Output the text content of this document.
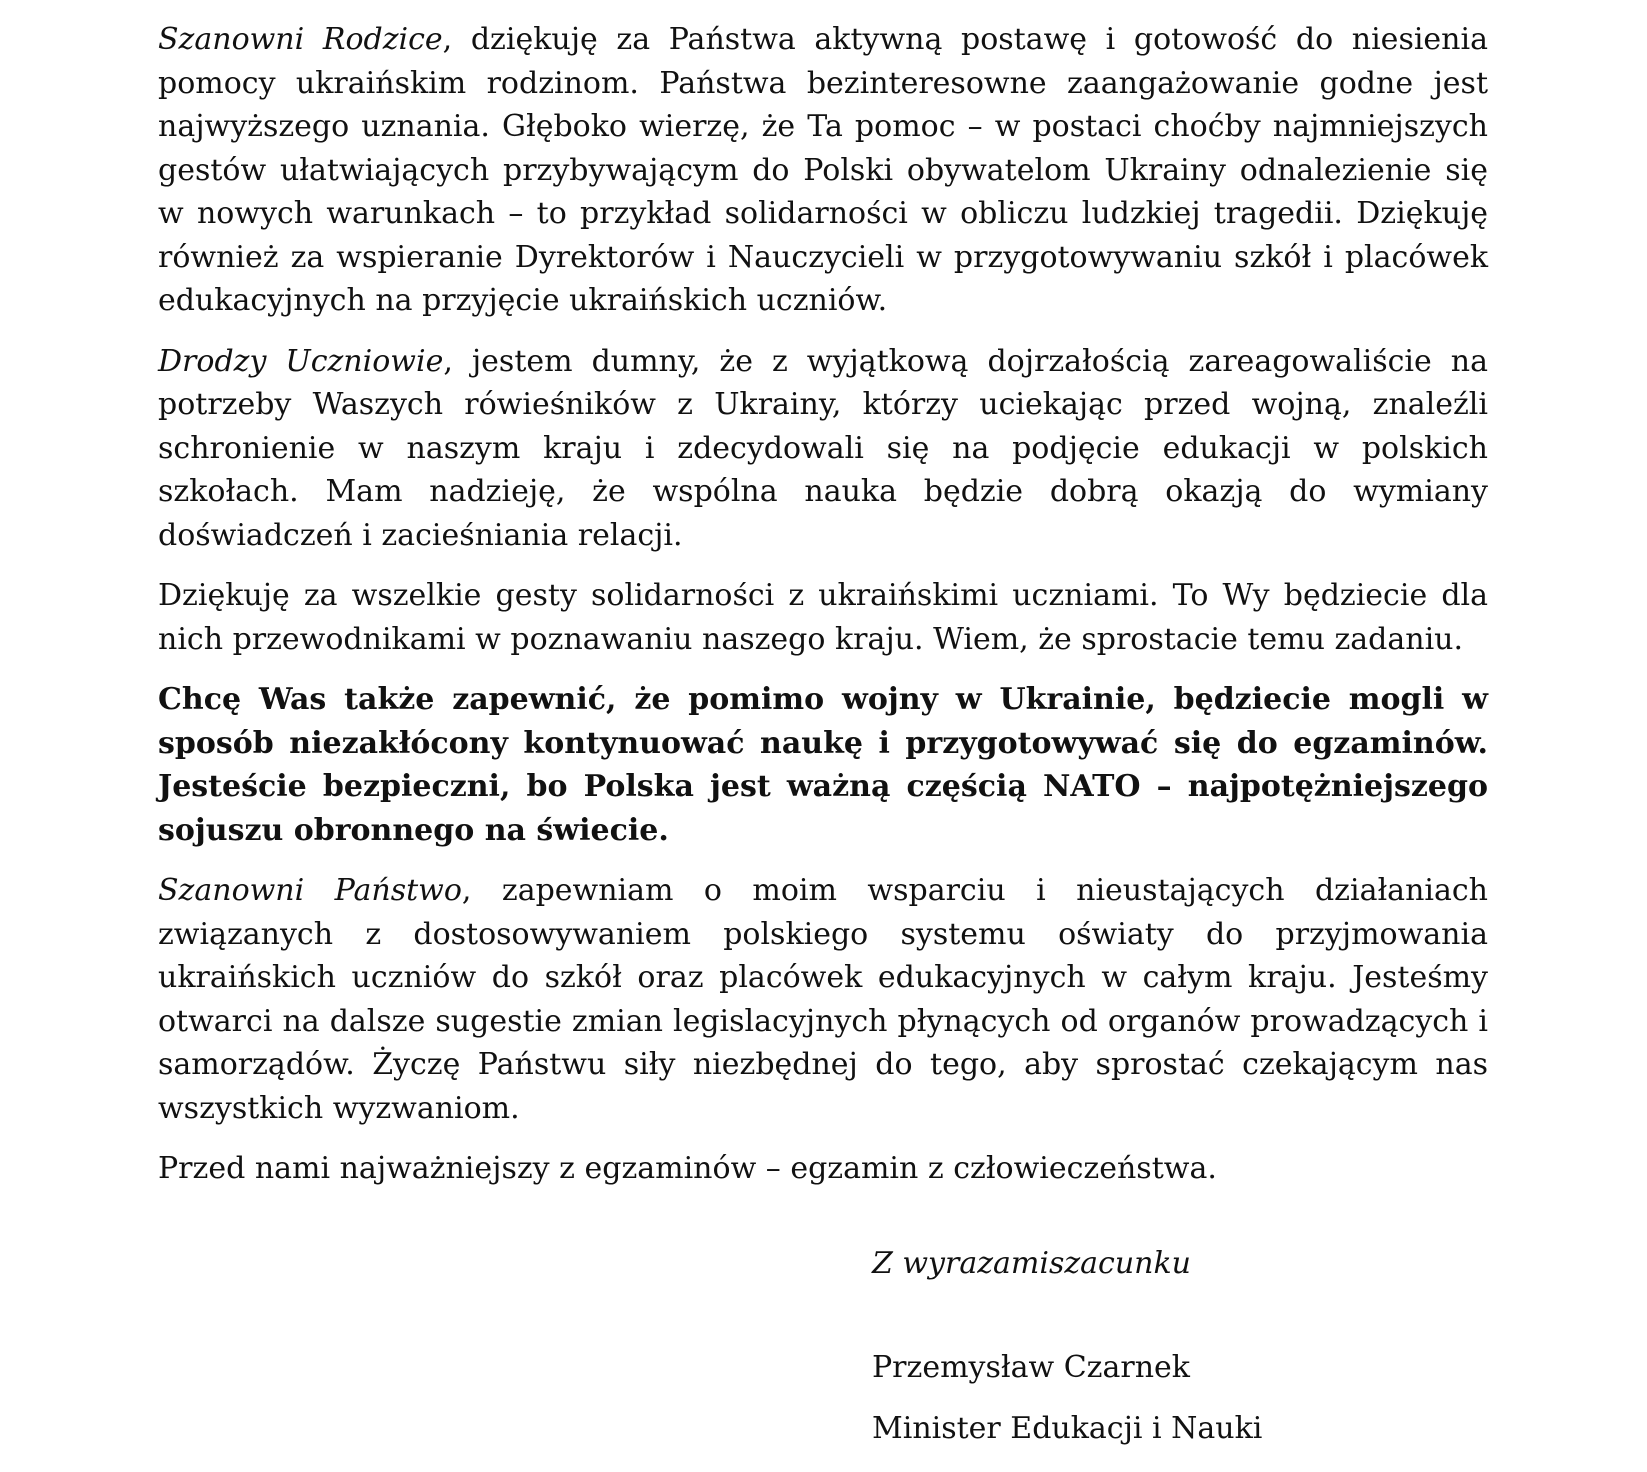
Szanowni Rodzice, dziękuję za Państwa aktywną postawę i gotowość do niesienia pomocy ukraińskim rodzinom. Państwa bezinteresowne zaangażowanie godne jest najwyższego uznania. Głęboko wierzę, że Ta pomoc – w postaci choćby najmniejszych gestów ułatwiających przybywającym do Polski obywatelom Ukrainy odnalezienie się w nowych warunkach – to przykład solidarności w obliczu ludzkiej tragedii. Dziękuję również za wspieranie Dyrektorów i Nauczycieli w przygotowywaniu szkół i placówek edukacyjnych na przyjęcie ukraińskich uczniów.

Drodzy Uczniowie, jestem dumny, że z wyjątkową dojrzałością zareagowaliście na potrzeby Waszych rówieśników z Ukrainy, którzy uciekając przed wojną, znaleźli schronienie w naszym kraju i zdecydowali się na podjęcie edukacji w polskich szkołach. Mam nadzieję, że wspólna nauka będzie dobrą okazją do wymiany doświadczeń i zacieśniania relacji.

Dziękuję za wszelkie gesty solidarności z ukraińskimi uczniami. To Wy będziecie dla nich przewodnikami w poznawaniu naszego kraju. Wiem, że sprostacie temu zadaniu.

Chcę Was także zapewnić, że pomimo wojny w Ukrainie, będziecie mogli w sposób niezakłócony kontynuować naukę i przygotowywać się do egzaminów. Jesteście bezpieczni, bo Polska jest ważną częścią NATO – najpotężniejszego sojuszu obronnego na świecie.

Szanowni Państwo, zapewniam o moim wsparciu i nieustających działaniach związanych z dostosowywaniem polskiego systemu oświaty do przyjmowania ukraińskich uczniów do szkół oraz placówek edukacyjnych w całym kraju. Jesteśmy otwarci na dalsze sugestie zmian legislacyjnych płynących od organów prowadzących i samorządów. Życzę Państwu siły niezbędnej do tego, aby sprostać czekającym nas wszystkich wyzwaniom.

Przed nami najważniejszy z egzaminów – egzamin z człowieczeństwa.

Z wyrazamiszacunku
Przemysław Czarnek
Minister Edukacji i Nauki
